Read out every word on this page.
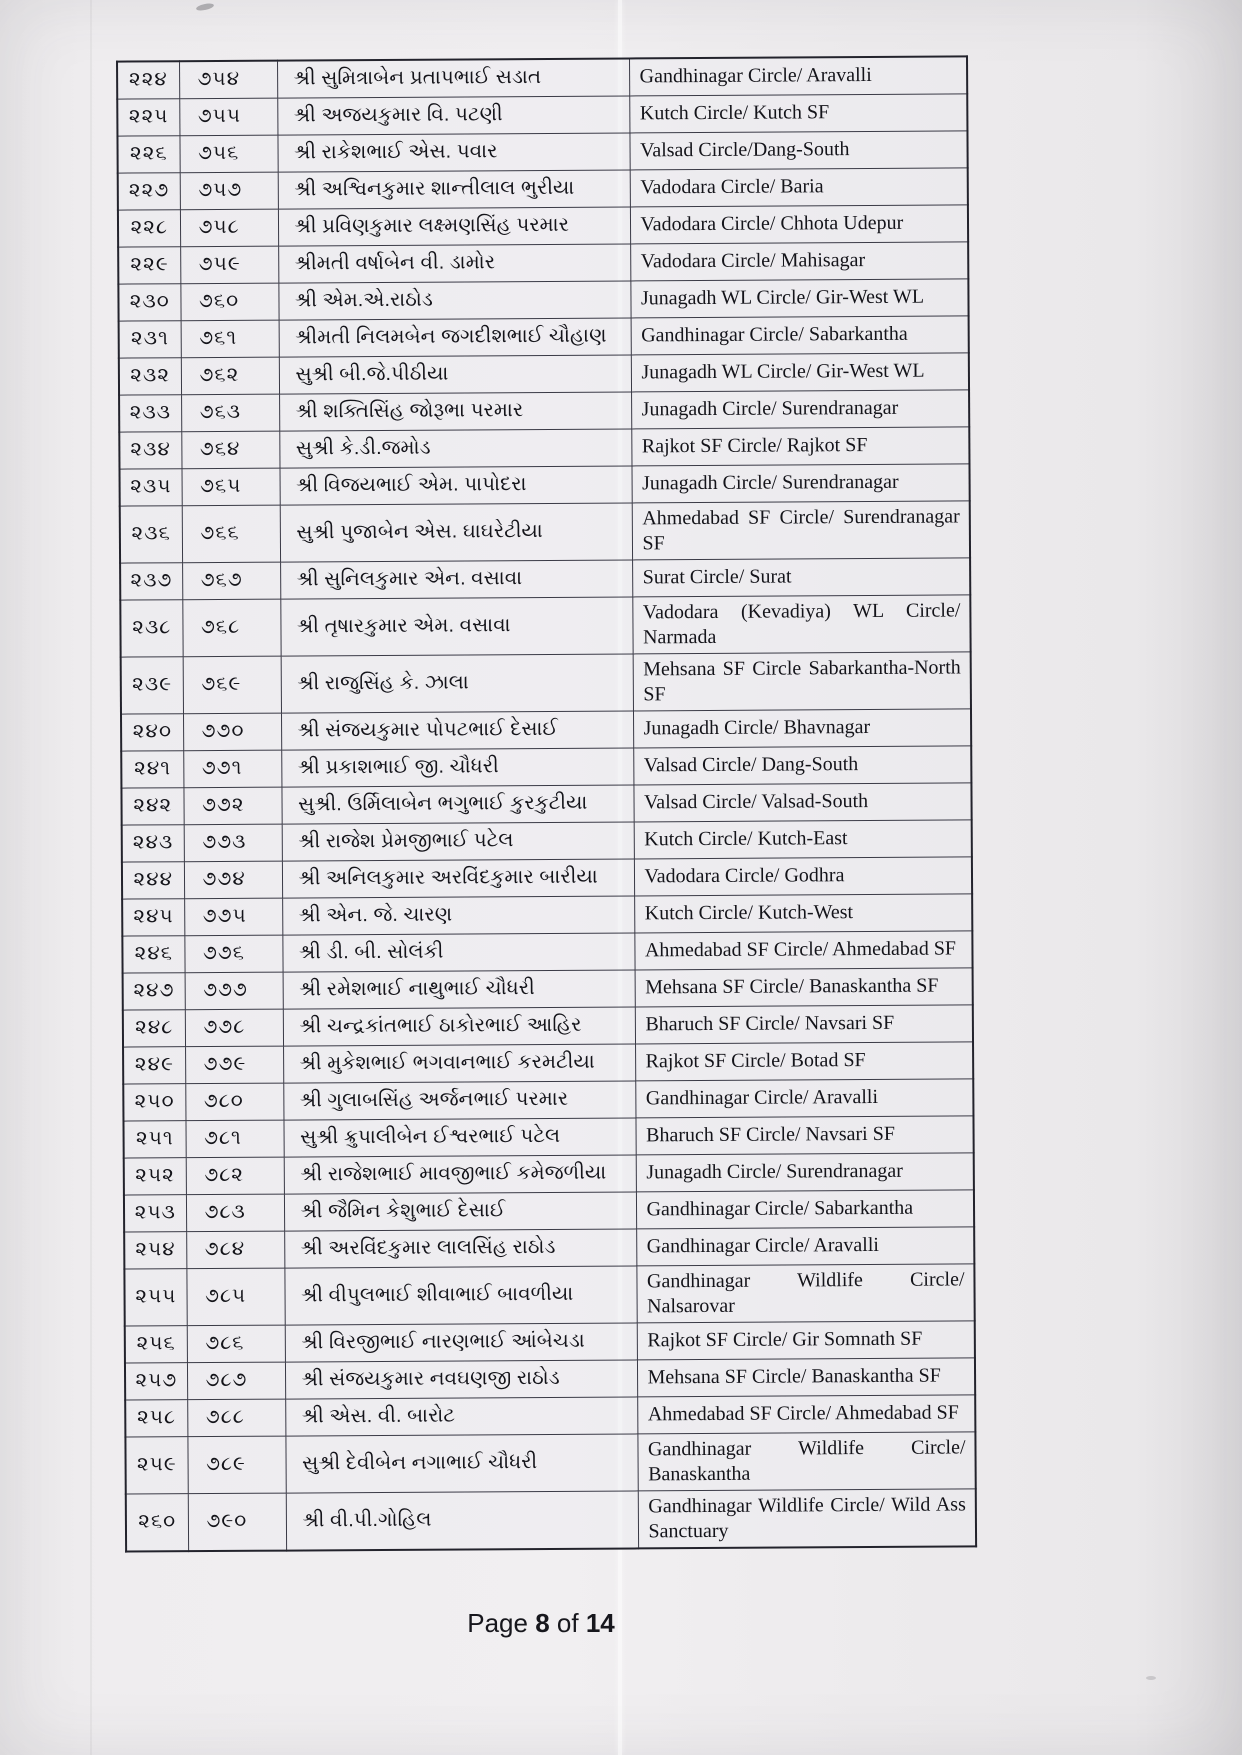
૨૨૪	૭૫૪	શ્રી સુમિત્રાબેન પ્રતાપભાઈ સડાત	Gandhinagar Circle/ Aravalli
૨૨૫	૭૫૫	શ્રી અજયકુમાર વિ. પટણી	Kutch Circle/ Kutch SF
૨૨૬	૭૫૬	શ્રી રાકેશભાઈ એસ. પવાર	Valsad Circle/Dang-South
૨૨૭	૭૫૭	શ્રી અશ્વિનકુમાર શાન્તીલાલ ભુરીયા	Vadodara Circle/ Baria
૨૨૮	૭૫૮	શ્રી પ્રવિણકુમાર લક્ષ્મણસિંહ પરમાર	Vadodara Circle/ Chhota Udepur
૨૨૯	૭૫૯	શ્રીમતી વર્ષાબેન વી. ડામોર	Vadodara Circle/ Mahisagar
૨૩૦	૭૬૦	શ્રી એમ.એ.રાઠોડ	Junagadh WL Circle/ Gir-West WL
૨૩૧	૭૬૧	શ્રીમતી નિલમબેન જગદીશભાઈ ચૌહાણ	Gandhinagar Circle/ Sabarkantha
૨૩૨	૭૬૨	સુશ્રી બી.જે.પીઠીયા	Junagadh WL Circle/ Gir-West WL
૨૩૩	૭૬૩	શ્રી શક્તિસિંહ જોરૂભા પરમાર	Junagadh Circle/ Surendranagar
૨૩૪	૭૬૪	સુશ્રી કે.ડી.જમોડ	Rajkot SF Circle/ Rajkot SF
૨૩૫	૭૬૫	શ્રી વિજયભાઈ એમ. પાપોદરા	Junagadh Circle/ Surendranagar
૨૩૬	૭૬૬	સુશ્રી પુજાબેન એસ. ઘાઘરેટીયા	Ahmedabad SF Circle/ Surendranagar SF
૨૩૭	૭૬૭	શ્રી સુનિલકુમાર એન. વસાવા	Surat Circle/ Surat
૨૩૮	૭૬૮	શ્રી તૃષારકુમાર એમ. વસાવા	Vadodara (Kevadiya) WL Circle/ Narmada
૨૩૯	૭૬૯	શ્રી રાજુસિંહ કે. ઝાલા	Mehsana SF Circle Sabarkantha-North SF
૨૪૦	૭૭૦	શ્રી સંજયકુમાર પોપટભાઈ દેસાઈ	Junagadh Circle/ Bhavnagar
૨૪૧	૭૭૧	શ્રી પ્રકાશભાઈ જી. ચૌધરી	Valsad Circle/ Dang-South
૨૪૨	૭૭૨	સુશ્રી. ઉર્મિલાબેન ભગુભાઈ કુરકુટીયા	Valsad Circle/ Valsad-South
૨૪૩	૭૭૩	શ્રી રાજેશ પ્રેમજીભાઈ પટેલ	Kutch Circle/ Kutch-East
૨૪૪	૭૭૪	શ્રી અનિલકુમાર અરવિંદકુમાર બારીયા	Vadodara Circle/ Godhra
૨૪૫	૭૭૫	શ્રી એન. જે. ચારણ	Kutch Circle/ Kutch-West
૨૪૬	૭૭૬	શ્રી ડી. બી. સોલંકી	Ahmedabad SF Circle/ Ahmedabad SF
૨૪૭	૭૭૭	શ્રી રમેશભાઈ નાથુભાઈ ચૌધરી	Mehsana SF Circle/ Banaskantha SF
૨૪૮	૭૭૮	શ્રી ચન્દ્રકાંતભાઈ ઠાકોરભાઈ આહિર	Bharuch SF Circle/ Navsari SF
૨૪૯	૭૭૯	શ્રી મુકેશભાઈ ભગવાનભાઈ કરમટીયા	Rajkot SF Circle/ Botad SF
૨૫૦	૭૮૦	શ્રી ગુલાબસિંહ અર્જનભાઈ પરમાર	Gandhinagar Circle/ Aravalli
૨૫૧	૭૮૧	સુશ્રી ક્રુપાલીબેન ઈશ્વરભાઈ પટેલ	Bharuch SF Circle/ Navsari SF
૨૫૨	૭૮૨	શ્રી રાજેશભાઈ માવજીભાઈ કમેજળીયા	Junagadh Circle/ Surendranagar
૨૫૩	૭૮૩	શ્રી જૈમિન કેશુભાઈ દેસાઈ	Gandhinagar Circle/ Sabarkantha
૨૫૪	૭૮૪	શ્રી અરવિંદકુમાર લાલસિંહ રાઠોડ	Gandhinagar Circle/ Aravalli
૨૫૫	૭૮૫	શ્રી વીપુલભાઈ શીવાભાઈ બાવળીયા	Gandhinagar Wildlife Circle/ Nalsarovar
૨૫૬	૭૮૬	શ્રી વિરજીભાઈ નારણભાઈ આંબેચડા	Rajkot SF Circle/ Gir Somnath SF
૨૫૭	૭૮૭	શ્રી સંજયકુમાર નવઘણજી રાઠોડ	Mehsana SF Circle/ Banaskantha SF
૨૫૮	૭૮૮	શ્રી એસ. વી. બારોટ	Ahmedabad SF Circle/ Ahmedabad SF
૨૫૯	૭૮૯	સુશ્રી દેવીબેન નગાભાઈ ચૌધરી	Gandhinagar Wildlife Circle/ Banaskantha
૨૬૦	૭૯૦	શ્રી વી.પી.ગોહિલ	Gandhinagar Wildlife Circle/ Wild Ass Sanctuary
Page 8 of 14
